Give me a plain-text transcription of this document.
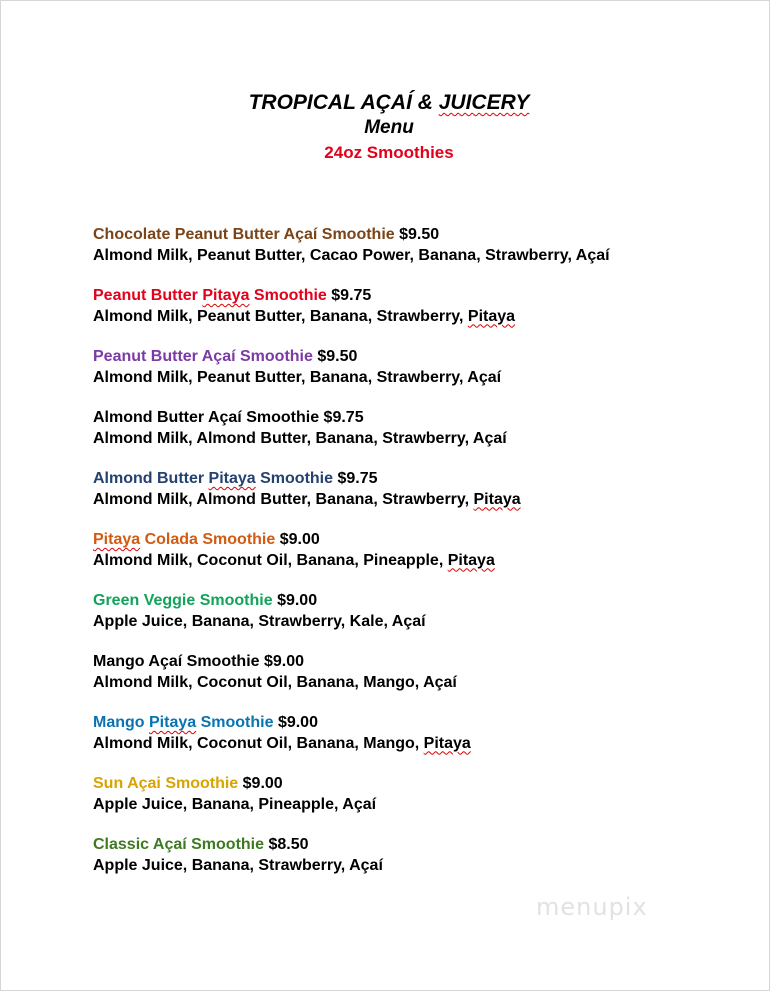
TROPICAL AÇAÍ & JUICERY
Menu
24oz Smoothies
Chocolate Peanut Butter Açaí Smoothie $9.50
Almond Milk, Peanut Butter, Cacao Power, Banana, Strawberry, Açaí
Peanut Butter Pitaya Smoothie $9.75
Almond Milk, Peanut Butter, Banana, Strawberry, Pitaya
Peanut Butter Açaí Smoothie $9.50
Almond Milk, Peanut Butter, Banana, Strawberry, Açaí
Almond Butter Açaí Smoothie $9.75
Almond Milk, Almond Butter, Banana, Strawberry, Açaí
Almond Butter Pitaya Smoothie $9.75
Almond Milk, Almond Butter, Banana, Strawberry, Pitaya
Pitaya Colada Smoothie $9.00
Almond Milk, Coconut Oil, Banana, Pineapple, Pitaya
Green Veggie Smoothie $9.00
Apple Juice, Banana, Strawberry, Kale, Açaí
Mango Açaí Smoothie $9.00
Almond Milk, Coconut Oil, Banana, Mango, Açaí
Mango Pitaya Smoothie $9.00
Almond Milk, Coconut Oil, Banana, Mango, Pitaya
Sun Açai Smoothie $9.00
Apple Juice, Banana, Pineapple, Açaí
Classic Açaí Smoothie $8.50
Apple Juice, Banana, Strawberry, Açaí
menupix
